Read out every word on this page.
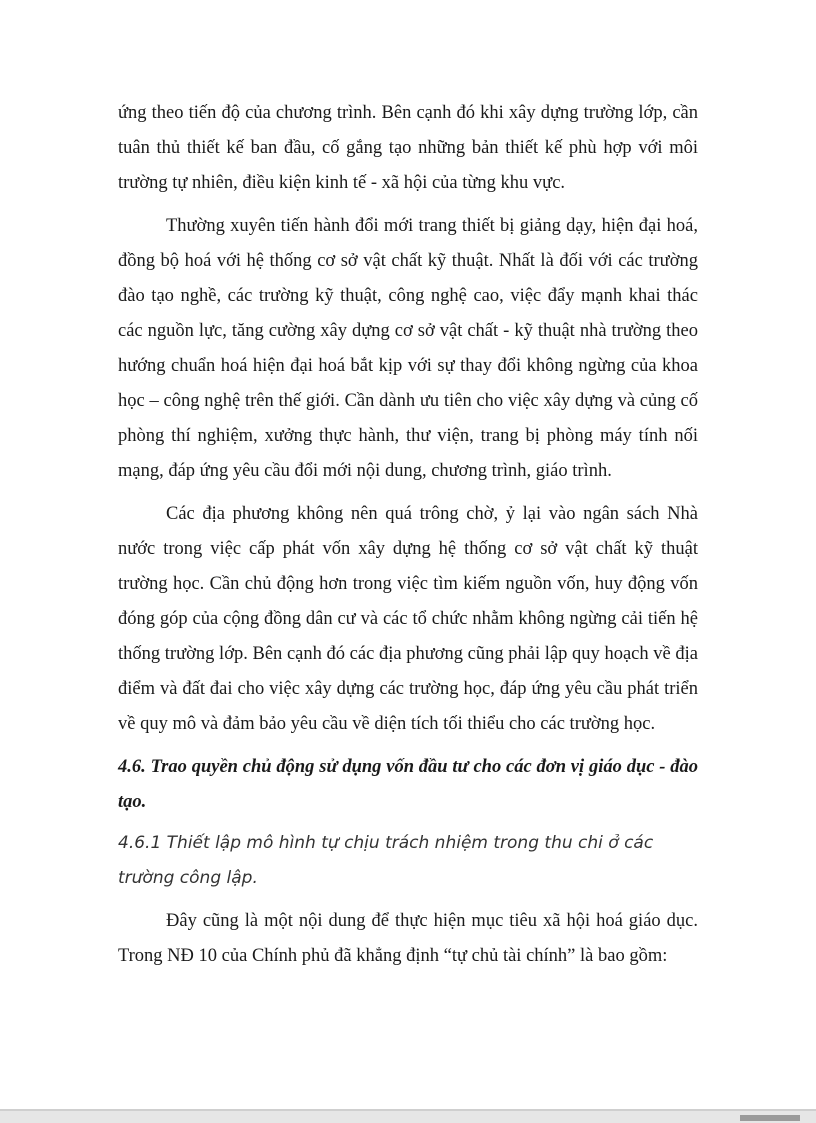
ứng theo tiến độ của chương trình. Bên cạnh đó khi xây dựng trường lớp, cần tuân thủ thiết kế ban đầu, cố gắng tạo những bản thiết kế phù hợp với môi trường tự nhiên, điều kiện kinh tế - xã hội của từng khu vực.

Thường xuyên tiến hành đổi mới trang thiết bị giảng dạy, hiện đại hoá, đồng bộ hoá với hệ thống cơ sở vật chất kỹ thuật. Nhất là đối với các trường đào tạo nghề, các trường kỹ thuật, công nghệ cao, việc đẩy mạnh khai thác các nguồn lực, tăng cường xây dựng cơ sở vật chất - kỹ thuật nhà trường theo hướng chuẩn hoá hiện đại hoá bắt kịp với sự thay đổi không ngừng của khoa học – công nghệ trên thế giới. Cần dành ưu tiên cho việc xây dựng và củng cố phòng thí nghiệm, xưởng thực hành, thư viện, trang bị phòng máy tính nối mạng, đáp ứng yêu cầu đổi mới nội dung, chương trình, giáo trình.

Các địa phương không nên quá trông chờ, ỷ lại vào ngân sách Nhà nước trong việc cấp phát vốn xây dựng hệ thống cơ sở vật chất kỹ thuật trường học. Cần chủ động hơn trong việc tìm kiếm nguồn vốn, huy động vốn đóng góp của cộng đồng dân cư và các tổ chức nhằm không ngừng cải tiến hệ thống trường lớp. Bên cạnh đó các địa phương cũng phải lập quy hoạch về địa điểm và đất đai cho việc xây dựng các trường học, đáp ứng yêu cầu phát triển về quy mô và đảm bảo yêu cầu về diện tích tối thiểu cho các trường học.

4.6. Trao quyền chủ động sử dụng vốn đầu tư cho các đơn vị giáo dục - đào tạo.

4.6.1 Thiết lập mô hình tự chịu trách nhiệm trong thu chi ở các trường công lập.

Đây cũng là một nội dung để thực hiện mục tiêu xã hội hoá giáo dục. Trong NĐ 10 của Chính phủ đã khẳng định “tự chủ tài chính” là bao gồm:
